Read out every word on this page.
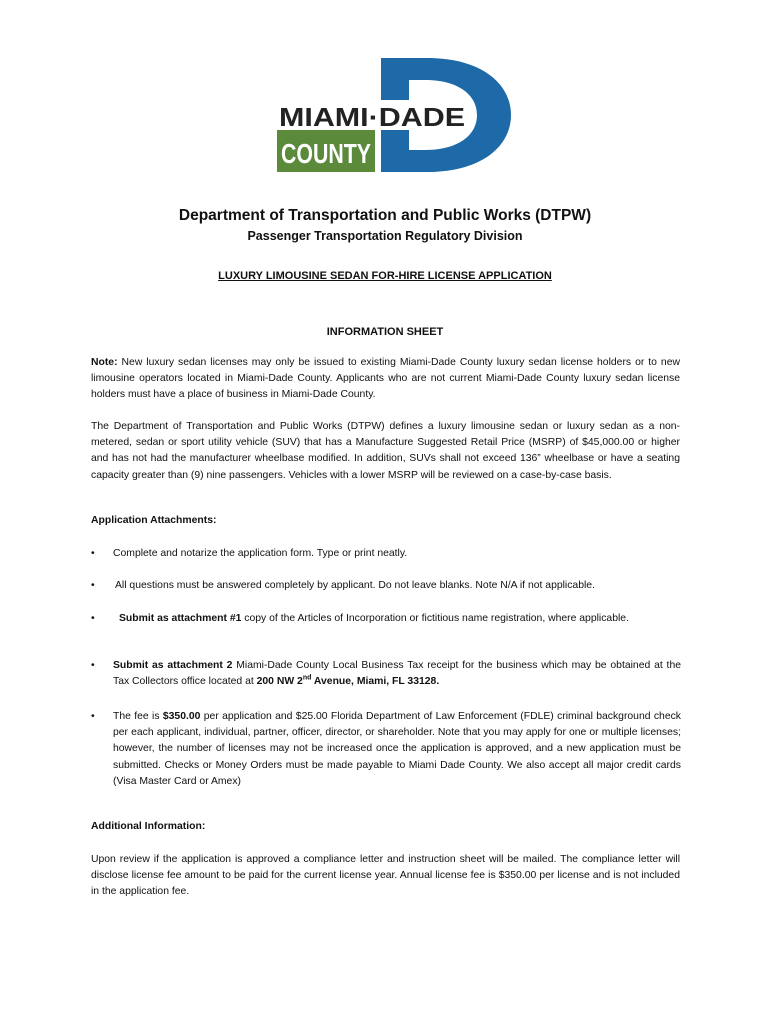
MIAMI·DADE
COUNTY
Department of Transportation and Public Works (DTPW)
Passenger Transportation Regulatory Division
LUXURY LIMOUSINE SEDAN FOR-HIRE LICENSE APPLICATION
INFORMATION SHEET
Note: New luxury sedan licenses may only be issued to existing Miami-Dade County luxury sedan license holders or to new limousine operators located in Miami-Dade County. Applicants who are not current Miami-Dade County luxury sedan license holders must have a place of business in Miami-Dade County.
The Department of Transportation and Public Works (DTPW) defines a luxury limousine sedan or luxury sedan as a non-metered, sedan or sport utility vehicle (SUV) that has a Manufacture Suggested Retail Price (MSRP) of $45,000.00 or higher and has not had the manufacturer wheelbase modified. In addition, SUVs shall not exceed 136” wheelbase or have a seating capacity greater than (9) nine passengers. Vehicles with a lower MSRP will be reviewed on a case-by-case basis.
Application Attachments:
•	Complete and notarize the application form. Type or print neatly.
•	All questions must be answered completely by applicant. Do not leave blanks. Note N/A if not applicable.
•	Submit as attachment #1 copy of the Articles of Incorporation or fictitious name registration, where applicable.
•	Submit as attachment 2 Miami-Dade County Local Business Tax receipt for the business which may be obtained at the Tax Collectors office located at 200 NW 2nd Avenue, Miami, FL 33128.
•	The fee is $350.00 per application and $25.00 Florida Department of Law Enforcement (FDLE) criminal background check per each applicant, individual, partner, officer, director, or shareholder. Note that you may apply for one or multiple licenses; however, the number of licenses may not be increased once the application is approved, and a new application must be submitted. Checks or Money Orders must be made payable to Miami Dade County. We also accept all major credit cards (Visa Master Card or Amex)
Additional Information:
Upon review if the application is approved a compliance letter and instruction sheet will be mailed. The compliance letter will disclose license fee amount to be paid for the current license year. Annual license fee is $350.00 per license and is not included in the application fee.
